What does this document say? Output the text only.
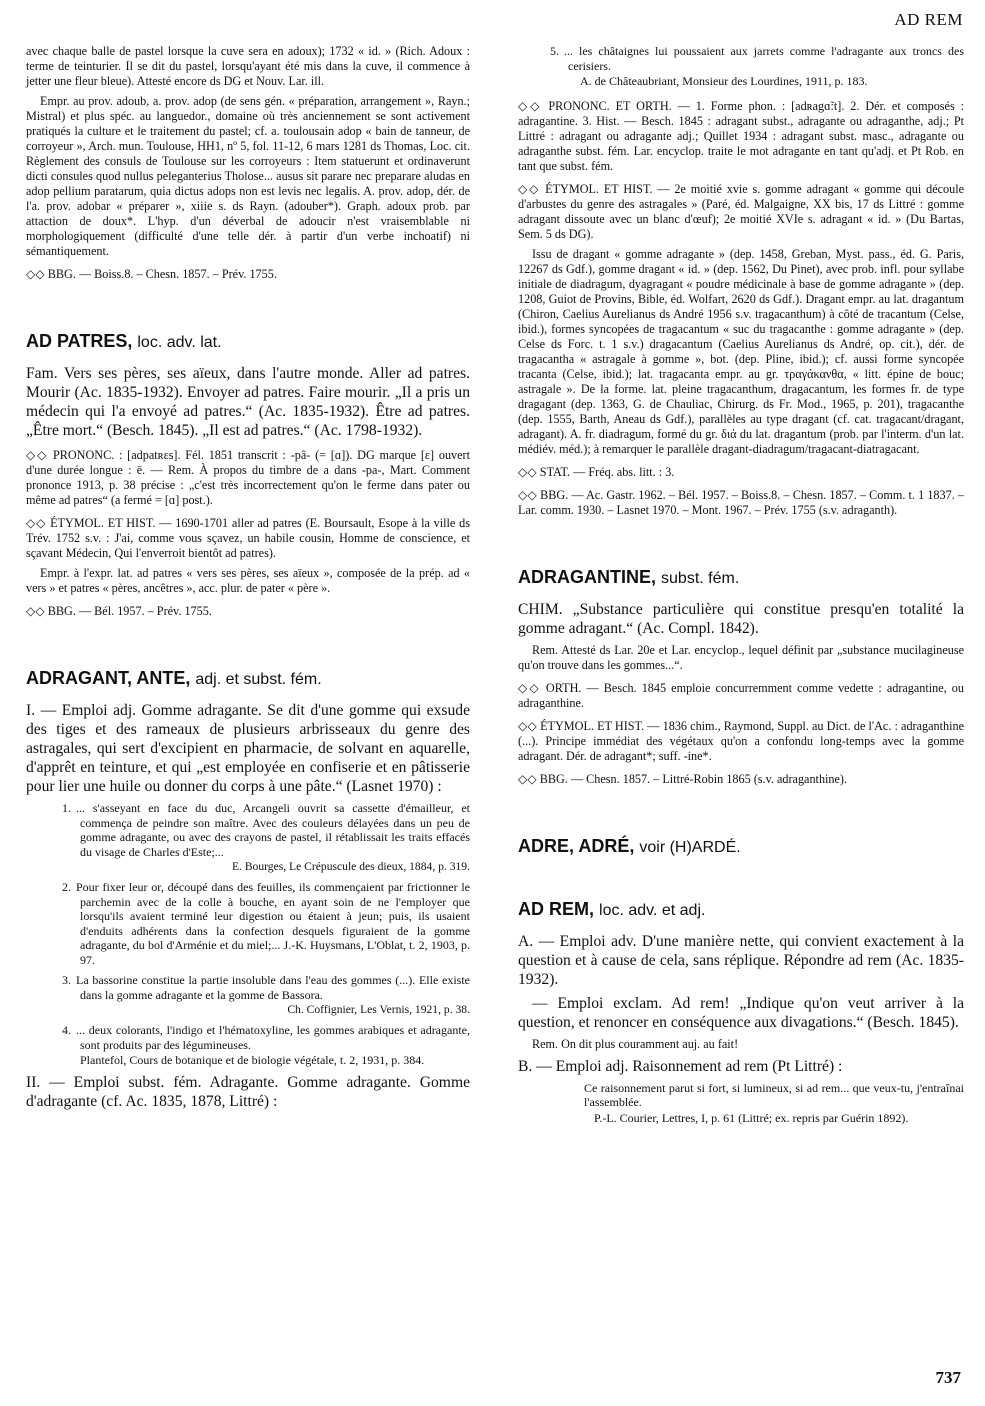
AD REM

avec chaque balle de pastel lorsque la cuve sera en adoux); 1732 « id. » (Rich. Adoux : terme de teinturier. Il se dit du pastel, lorsqu'ayant été mis dans la cuve, il commence à jetter une fleur bleue). Attesté encore ds DG et Nouv. Lar. ill.

Empr. au prov. adoub, a. prov. adop (de sens gén. « préparation, arrangement », Rayn.; Mistral) et plus spéc. au languedor., domaine où très anciennement se sont activement pratiqués la culture et le traitement du pastel; cf. a. toulousain adop « bain de tanneur, de corroyeur », Arch. mun. Toulouse, HH1, nº 5, fol. 11-12, 6 mars 1281 ds Thomas, Loc. cit. Règlement des consuls de Toulouse sur les corroyeurs : Item statuerunt et ordinaverunt dicti consules quod nullus peleganterius Tholose... ausus sit parare nec preparare aludas en adop pellium paratarum, quia dictus adops non est levis nec legalis. A. prov. adop, dér. de l'a. prov. adobar « préparer », xiiie s. ds Rayn. (adouber*). Graph. adoux prob. par attaction de doux*. L'hyp. d'un déverbal de adoucir n'est vraisemblable ni morphologiquement (difficulté d'une telle dér. à partir d'un verbe inchoatif) ni sémantiquement.

◇◇ BBG. — Boiss.8. – Chesn. 1857. – Prév. 1755.

AD PATRES, loc. adv. lat.

Fam. Vers ses pères, ses aïeux, dans l'autre monde. Aller ad patres. Mourir (Ac. 1835-1932). Envoyer ad patres. Faire mourir. „Il a pris un médecin qui l'a envoyé ad patres.“ (Ac. 1835-1932). Être ad patres. „Être mort.“ (Besch. 1845). „Il est ad patres.“ (Ac. 1798-1932).

◇◇ PRONONC. : [adpatʀɛs]. Fél. 1851 transcrit : -pâ- (= [ɑ]). DG marque [ɛ] ouvert d'une durée longue : ē. — Rem. À propos du timbre de a dans -pa-, Mart. Comment prononce 1913, p. 38 précise : „c'est très incorrectement qu'on le ferme dans pater ou même ad patres“ (a fermé = [ɑ] post.).

◇◇ ÉTYMOL. ET HIST. — 1690-1701 aller ad patres (E. Boursault, Esope à la ville ds Trév. 1752 s.v. : J'ai, comme vous sçavez, un habile cousin, Homme de conscience, et sçavant Médecin, Qui l'enverroit bientôt ad patres).

Empr. à l'expr. lat. ad patres « vers ses pères, ses aïeux », composée de la prép. ad « vers » et patres « pères, ancêtres », acc. plur. de pater « père ».

◇◇ BBG. — Bél. 1957. – Prév. 1755.

ADRAGANT, ANTE, adj. et subst. fém.

I. — Emploi adj. Gomme adragante. Se dit d'une gomme qui exsude des tiges et des rameaux de plusieurs arbrisseaux du genre des astragales, qui sert d'excipient en pharmacie, de solvant en aquarelle, d'apprêt en teinture, et qui „est employée en confiserie et en pâtisserie pour lier une huile ou donner du corps à une pâte.“ (Lasnet 1970) :

1. ... s'asseyant en face du duc, Arcangeli ouvrit sa cassette d'émailleur, et commença de peindre son maître. Avec des couleurs délayées dans un peu de gomme adragante, ou avec des crayons de pastel, il rétablissait les traits effacés du visage de Charles d'Este;...

E. Bourges, Le Crépuscule des dieux, 1884, p. 319.

2. Pour fixer leur or, découpé dans des feuilles, ils commençaient par frictionner le parchemin avec de la colle à bouche, en ayant soin de ne l'employer que lorsqu'ils avaient terminé leur digestion ou étaient à jeun; puis, ils usaient d'enduits adhérents dans la confection desquels figuraient de la gomme adragante, du bol d'Arménie et du miel;... J.-K. Huysmans, L'Oblat, t. 2, 1903, p. 97.

3. La bassorine constitue la partie insoluble dans l'eau des gommes (...). Elle existe dans la gomme adragante et la gomme de Bassora.

Ch. Coffignier, Les Vernis, 1921, p. 38.

4. ... deux colorants, l'indigo et l'hématoxyline, les gommes arabiques et adragante, sont produits par des légumineuses.

Plantefol, Cours de botanique et de biologie végétale, t. 2, 1931, p. 384.

II. — Emploi subst. fém. Adragante. Gomme adragante. Gomme d'adragante (cf. Ac. 1835, 1878, Littré) :

5. ... les châtaignes lui poussaient aux jarrets comme l'adragante aux troncs des cerisiers.

A. de Châteaubriant, Monsieur des Lourdines, 1911, p. 183.

◇◇ PRONONC. ET ORTH. — 1. Forme phon. : [adʀagɑ̃:t]. 2. Dér. et composés : adragantine. 3. Hist. — Besch. 1845 : adragant subst., adragante ou adraganthe, adj.; Pt Littré : adragant ou adragante adj.; Quillet 1934 : adragant subst. masc., adragante ou adraganthe subst. fém. Lar. encyclop. traite le mot adragante en tant qu'adj. et Pt Rob. en tant que subst. fém.

◇◇ ÉTYMOL. ET HIST. — 2e moitié xvie s. gomme adragant « gomme qui découle d'arbustes du genre des astragales » (Paré, éd. Malgaigne, XX bis, 17 ds Littré : gomme adragant dissoute avec un blanc d'œuf); 2e moitié XVIe s. adragant « id. » (Du Bartas, Sem. 5 ds DG).

Issu de dragant « gomme adragante » (dep. 1458, Greban, Myst. pass., éd. G. Paris, 12267 ds Gdf.), gomme dragant « id. » (dep. 1562, Du Pinet), avec prob. infl. pour syllabe initiale de diadragum, dyagragant « poudre médicinale à base de gomme adragante » (dep. 1208, Guiot de Provins, Bible, éd. Wolfart, 2620 ds Gdf.). Dragant empr. au lat. dragantum (Chiron, Caelius Aurelianus ds André 1956 s.v. tragacanthum) à côté de tracantum (Celse, ibid.), formes syncopées de tragacantum « suc du tragacanthe : gomme adragante » (dep. Celse ds Forc. t. 1 s.v.) dragacantum (Caelius Aurelianus ds André, op. cit.), dér. de tragacantha « astragale à gomme », bot. (dep. Pline, ibid.); cf. aussi forme syncopée tracanta (Celse, ibid.); lat. tragacanta empr. au gr. τραγάκανθα, « litt. épine de bouc; astragale ». De la forme. lat. pleine tragacanthum, dragacantum, les formes fr. de type dragagant (dep. 1363, G. de Chauliac, Chirurg. ds Fr. Mod., 1965, p. 201), tragacanthe (dep. 1555, Barth, Aneau ds Gdf.), parallèles au type dragant (cf. cat. tragacant/dragant, adragant). A. fr. diadragum, formé du gr. διά du lat. dragantum (prob. par l'interm. d'un lat. médiév. méd.); à remarquer le parallèle dragant-diadragum/tragacant-diatragacant.

◇◇ STAT. — Fréq. abs. litt. : 3.

◇◇ BBG. — Ac. Gastr. 1962. – Bél. 1957. – Boiss.8. – Chesn. 1857. – Comm. t. 1 1837. – Lar. comm. 1930. – Lasnet 1970. – Mont. 1967. – Prév. 1755 (s.v. adraganth).

ADRAGANTINE, subst. fém.

CHIM. „Substance particulière qui constitue presqu'en totalité la gomme adragant.“ (Ac. Compl. 1842).

Rem. Attesté ds Lar. 20e et Lar. encyclop., lequel définit par „substance mucilagineuse qu'on trouve dans les gommes...“.

◇◇ ORTH. — Besch. 1845 emploie concurremment comme vedette : adragantine, ou adraganthine.

◇◇ ÉTYMOL. ET HIST. — 1836 chim., Raymond, Suppl. au Dict. de l'Ac. : adraganthine (...). Principe immédiat des végétaux qu'on a confondu long-temps avec la gomme adragant. Dér. de adragant*; suff. -ine*.

◇◇ BBG. — Chesn. 1857. – Littré-Robin 1865 (s.v. adraganthine).

ADRE, ADRÉ, voir (H)ARDÉ.
AD REM, loc. adv. et adj.

A. — Emploi adv. D'une manière nette, qui convient exactement à la question et à cause de cela, sans réplique. Répondre ad rem (Ac. 1835-1932).

— Emploi exclam. Ad rem! „Indique qu'on veut arriver à la question, et renoncer en conséquence aux divagations.“ (Besch. 1845).

Rem. On dit plus couramment auj. au fait!

B. — Emploi adj. Raisonnement ad rem (Pt Littré) :

Ce raisonnement parut si fort, si lumineux, si ad rem... que veux-tu, j'entraînai l'assemblée.

P.-L. Courier, Lettres, I, p. 61 (Littré; ex. repris par Guérin 1892).

737
